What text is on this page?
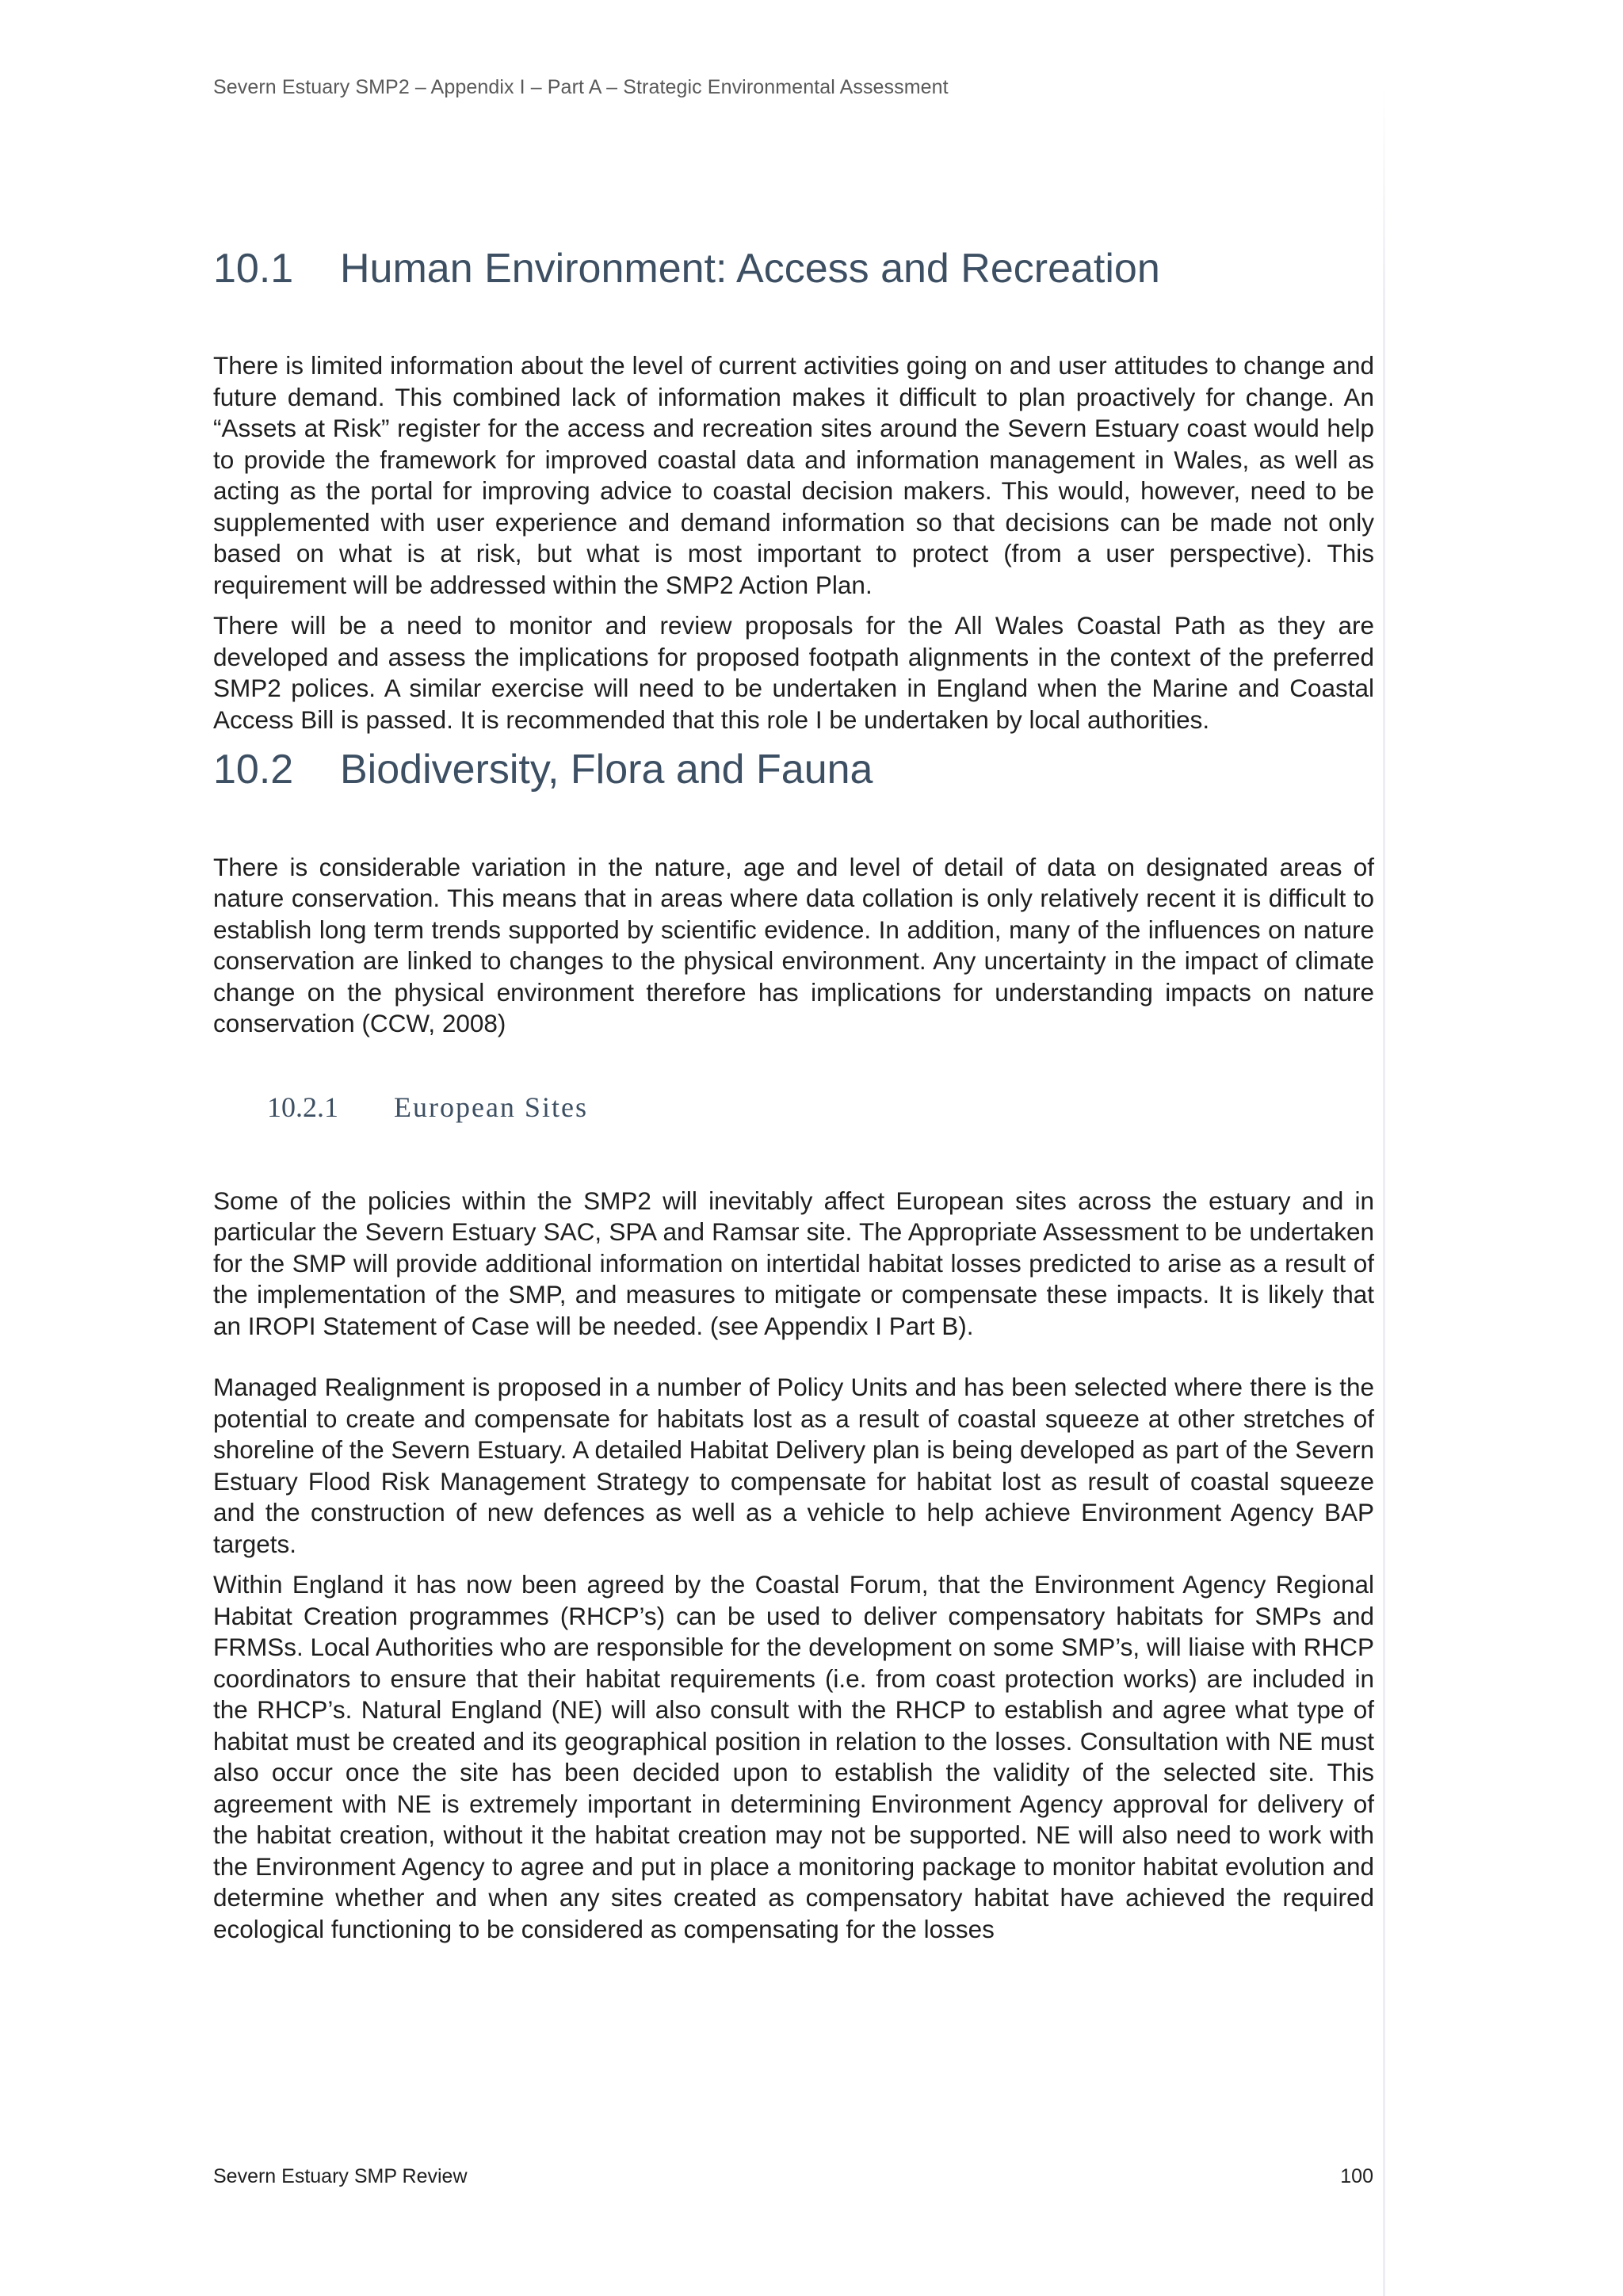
Severn Estuary SMP2 – Appendix I – Part A – Strategic Environmental Assessment
10.1	Human Environment: Access and Recreation

There is limited information about the level of current activities going on and user attitudes to change and future demand. This combined lack of information makes it difficult to plan proactively for change. An “Assets at Risk” register for the access and recreation sites around the Severn Estuary coast would help to provide the framework for improved coastal data and information management in Wales, as well as acting as the portal for improving advice to coastal decision makers. This would, however, need to be supplemented with user experience and demand information so that decisions can be made not only based on what is at risk, but what is most important to protect (from a user perspective). This requirement will be addressed within the SMP2 Action Plan.

There will be a need to monitor and review proposals for the All Wales Coastal Path as they are developed and assess the implications for proposed footpath alignments in the context of the preferred SMP2 polices. A similar exercise will need to be undertaken in England when the Marine and Coastal Access Bill is passed. It is recommended that this role I be undertaken by local authorities.

10.2	Biodiversity, Flora and Fauna

There is considerable variation in the nature, age and level of detail of data on designated areas of nature conservation. This means that in areas where data collation is only relatively recent it is difficult to establish long term trends supported by scientific evidence. In addition, many of the influences on nature conservation are linked to changes to the physical environment. Any uncertainty in the impact of climate change on the physical environment therefore has implications for understanding impacts on nature conservation (CCW, 2008)

10.2.1	European Sites

Some of the policies within the SMP2 will inevitably affect European sites across the estuary and in particular the Severn Estuary SAC, SPA and Ramsar site. The Appropriate Assessment to be undertaken for the SMP will provide additional information on intertidal habitat losses predicted to arise as a result of the implementation of the SMP, and measures to mitigate or compensate these impacts. It is likely that an IROPI Statement of Case will be needed. (see Appendix I Part B).

Managed Realignment is proposed in a number of Policy Units and has been selected where there is the potential to create and compensate for habitats lost as a result of coastal squeeze at other stretches of shoreline of the Severn Estuary. A detailed Habitat Delivery plan is being developed as part of the Severn Estuary Flood Risk Management Strategy to compensate for habitat lost as result of coastal squeeze and the construction of new defences as well as a vehicle to help achieve Environment Agency BAP targets.

Within England it has now been agreed by the Coastal Forum, that the Environment Agency Regional Habitat Creation programmes (RHCP’s) can be used to deliver compensatory habitats for SMPs and FRMSs. Local Authorities who are responsible for the development on some SMP’s, will liaise with RHCP coordinators to ensure that their habitat requirements (i.e. from coast protection works) are included in the RHCP’s. Natural England (NE) will also consult with the RHCP to establish and agree what type of habitat must be created and its geographical position in relation to the losses. Consultation with NE must also occur once the site has been decided upon to establish the validity of the selected site. This agreement with NE is extremely important in determining Environment Agency approval for delivery of the habitat creation, without it the habitat creation may not be supported. NE will also need to work with the Environment Agency to agree and put in place a monitoring package to monitor habitat evolution and determine whether and when any sites created as compensatory habitat have achieved the required ecological functioning to be considered as compensating for the losses

Severn Estuary SMP Review	100
